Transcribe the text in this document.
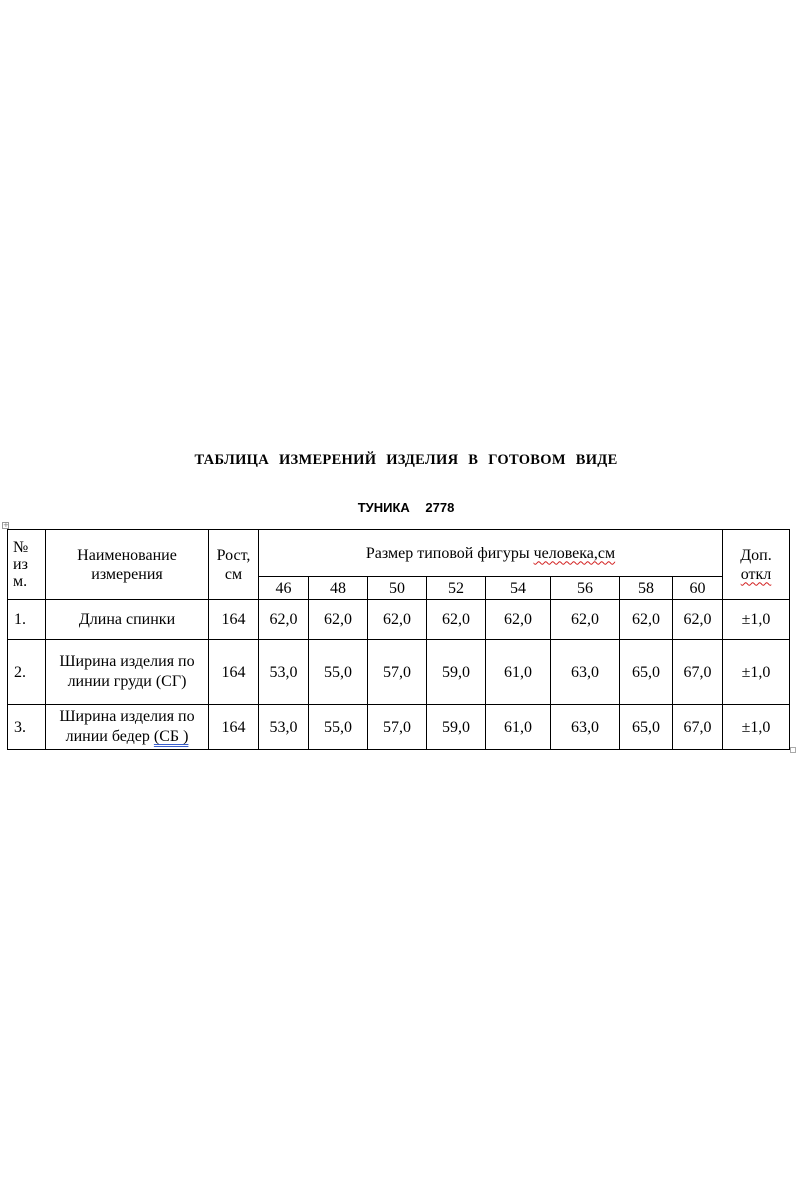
ТАБЛИЦА ИЗМЕРЕНИЙ ИЗДЕЛИЯ В ГОТОВОМ ВИДЕ
ТУНИКА 2778
+
№
из
м.	Наименование
измерения	Рост,
см	Размер типовой фигуры человека,см								Доп.
откл
			46	48	50	52	54	56	58	60	
1.	Длина спинки	164	62,0	62,0	62,0	62,0	62,0	62,0	62,0	62,0	±1,0
2.	Ширина изделия по
линии груди (СГ)	164	53,0	55,0	57,0	59,0	61,0	63,0	65,0	67,0	±1,0
3.	Ширина изделия по
линии бедер (СБ )	164	53,0	55,0	57,0	59,0	61,0	63,0	65,0	67,0	±1,0
